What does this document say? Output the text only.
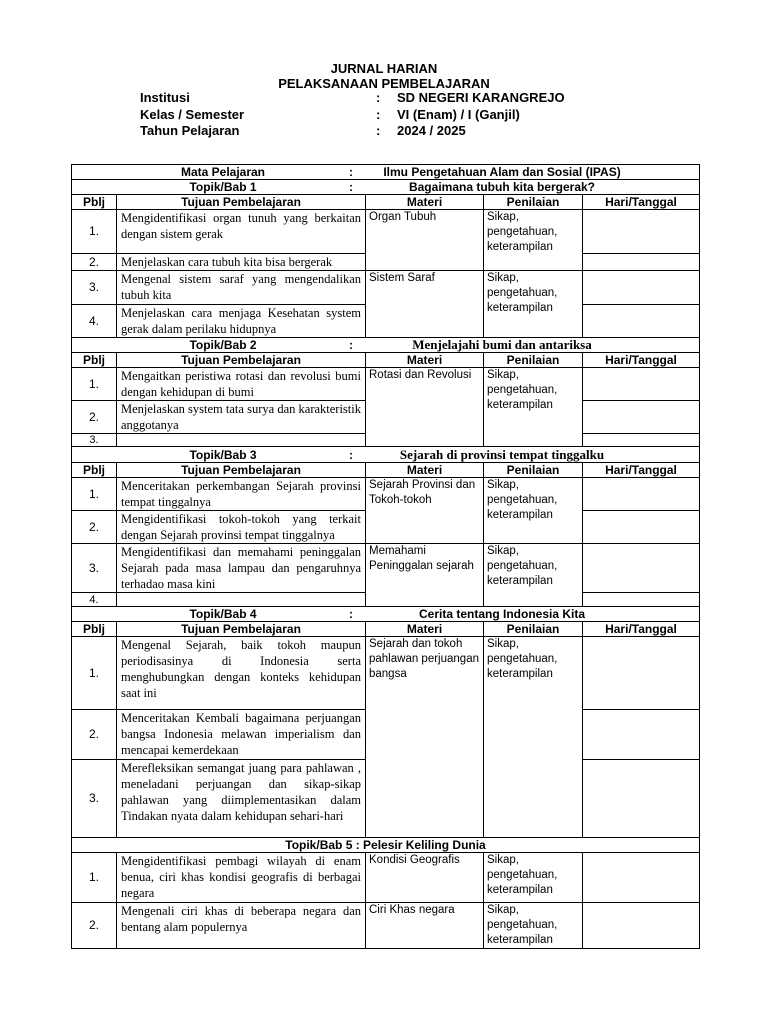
JURNAL HARIAN
PELAKSANAAN PEMBELAJARAN
Institusi	: SD NEGERI KARANGREJO
Kelas / Semester	: VI (Enam) / I (Ganjil)
Tahun Pelajaran	: 2024 / 2025
Mata Pelajaran : Ilmu Pengetahuan Alam dan Sosial (IPAS)				
Topik/Bab 1 : Bagaimana tubuh kita bergerak?				
Pblj	Tujuan Pembelajaran	Materi	Penilaian	Hari/Tanggal
1.	Mengidentifikasi organ tunuh yang berkaitan dengan sistem gerak	Organ Tubuh	Sikap, pengetahuan, keterampilan	
2.	Menjelaskan cara tubuh kita bisa bergerak			
3.	Mengenal sistem saraf yang mengendalikan tubuh kita	Sistem Saraf	Sikap, pengetahuan, keterampilan	
4.	Menjelaskan cara menjaga Kesehatan system gerak dalam perilaku hidupnya			
Topik/Bab 2 : Menjelajahi bumi dan antariksa				
Pblj	Tujuan Pembelajaran	Materi	Penilaian	Hari/Tanggal
1.	Mengaitkan peristiwa rotasi dan revolusi bumi dengan kehidupan di bumi	Rotasi dan Revolusi	Sikap, pengetahuan, keterampilan	
2.	Menjelaskan system tata surya dan karakteristik anggotanya			
3.				
Topik/Bab 3 : Sejarah di provinsi tempat tinggalku				
Pblj	Tujuan Pembelajaran	Materi	Penilaian	Hari/Tanggal
1.	Menceritakan perkembangan Sejarah provinsi tempat tinggalnya	Sejarah Provinsi dan Tokoh-tokoh	Sikap, pengetahuan, keterampilan	
2.	Mengidentifikasi tokoh-tokoh yang terkait dengan Sejarah provinsi tempat tinggalnya			
3.	Mengidentifikasi dan memahami peninggalan Sejarah pada masa lampau dan pengaruhnya terhadao masa kini	Memahami Peninggalan sejarah	Sikap, pengetahuan, keterampilan	
4.				
Topik/Bab 4 : Cerita tentang Indonesia Kita				
Pblj	Tujuan Pembelajaran	Materi	Penilaian	Hari/Tanggal
1.	Mengenal Sejarah, baik tokoh maupun periodisasinya di Indonesia serta menghubungkan dengan konteks kehidupan saat ini	Sejarah dan tokoh pahlawan perjuangan bangsa	Sikap, pengetahuan, keterampilan	
2.	Menceritakan Kembali bagaimana perjuangan bangsa Indonesia melawan imperialism dan mencapai kemerdekaan			
3.	Merefleksikan semangat juang para pahlawan , meneladani perjuangan dan sikap-sikap pahlawan yang diimplementasikan dalam Tindakan nyata dalam kehidupan sehari-hari			
Topik/Bab 5 : Pelesir Keliling Dunia				
1.	Mengidentifikasi pembagi wilayah di enam benua, ciri khas kondisi geografis di berbagai negara	Kondisi Geografis	Sikap, pengetahuan, keterampilan	
2.	Mengenali ciri khas di beberapa negara dan bentang alam populernya	Ciri Khas negara	Sikap, pengetahuan, keterampilan	
